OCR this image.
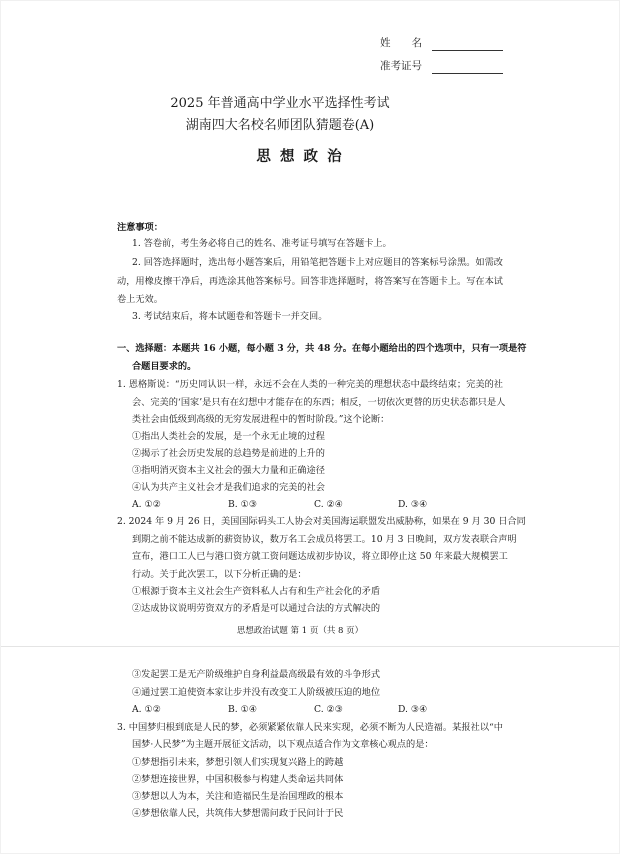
姓　　名
准考证号
2025 年普通高中学业水平选择性考试
湖南四大名校名师团队猜题卷(A)
思 想 政 治
注意事项：
1. 答卷前，考生务必将自己的姓名、准考证号填写在答题卡上。
2. 回答选择题时，选出每小题答案后，用铅笔把答题卡上对应题目的答案标号涂黑。如需改
动，用橡皮擦干净后，再选涂其他答案标号。回答非选择题时，将答案写在答题卡上。写在本试
卷上无效。
3. 考试结束后，将本试题卷和答题卡一并交回。
一、选择题：本题共 16 小题，每小题 3 分，共 48 分。在每小题给出的四个选项中，只有一项是符
合题目要求的。
1. 恩格斯说：“历史同认识一样，永远不会在人类的一种完美的理想状态中最终结束；完美的社
会、完美的‘国家’是只有在幻想中才能存在的东西；相反，一切依次更替的历史状态都只是人
类社会由低级到高级的无穷发展进程中的暂时阶段。”这个论断：
①指出人类社会的发展，是一个永无止境的过程
②揭示了社会历史发展的总趋势是前进的上升的
③指明消灭资本主义社会的强大力量和正确途径
④认为共产主义社会才是我们追求的完美的社会
A. ①②	B. ①③	C. ②④	D. ③④
2. 2024 年 9 月 26 日，美国国际码头工人协会对美国海运联盟发出威胁称，如果在 9 月 30 日合同
到期之前不能达成新的薪资协议，数万名工会成员将罢工。10 月 3 日晚间，双方发表联合声明
宣布，港口工人已与港口资方就工资问题达成初步协议，将立即停止这 50 年来最大规模罢工
行动。关于此次罢工，以下分析正确的是：
①根源于资本主义社会生产资料私人占有和生产社会化的矛盾
②达成协议说明劳资双方的矛盾是可以通过合法的方式解决的
思想政治试题 第 1 页（共 8 页）
③发起罢工是无产阶级维护自身利益最高级最有效的斗争形式
④通过罢工迫使资本家让步并没有改变工人阶级被压迫的地位
A. ①②	B. ①④	C. ②③	D. ③④
3. 中国梦归根到底是人民的梦，必须紧紧依靠人民来实现，必须不断为人民造福。某报社以“中
国梦·人民梦”为主题开展征文活动，以下观点适合作为文章核心观点的是：
①梦想指引未来，梦想引领人们实现复兴路上的跨越
②梦想连接世界，中国积极参与构建人类命运共同体
③梦想以人为本，关注和造福民生是治国理政的根本
④梦想依靠人民，共筑伟大梦想需问政于民问计于民
